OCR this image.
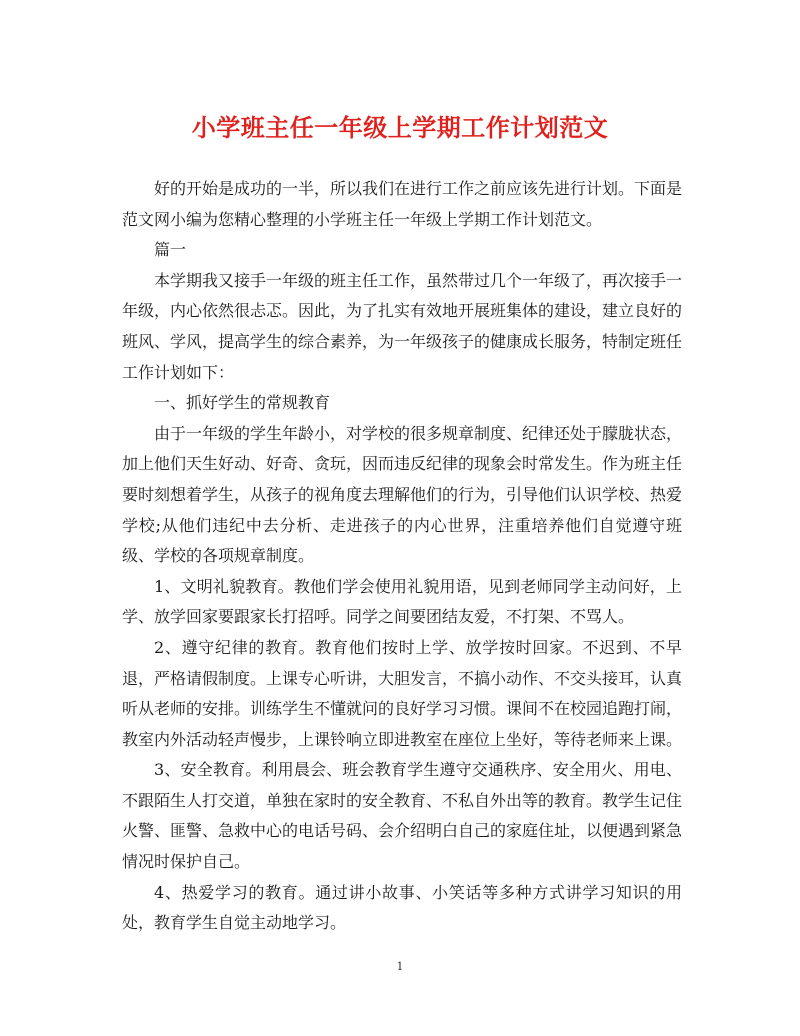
小学班主任一年级上学期工作计划范文

好的开始是成功的一半，所以我们在进行工作之前应该先进行计划。下面是范文网小编为您精心整理的小学班主任一年级上学期工作计划范文。

篇一

本学期我又接手一年级的班主任工作，虽然带过几个一年级了，再次接手一年级，内心依然很忐忑。因此，为了扎实有效地开展班集体的建设，建立良好的班风、学风，提高学生的综合素养，为一年级孩子的健康成长服务，特制定班任工作计划如下：

一、抓好学生的常规教育

由于一年级的学生年龄小，对学校的很多规章制度、纪律还处于朦胧状态，加上他们天生好动、好奇、贪玩，因而违反纪律的现象会时常发生。作为班主任要时刻想着学生，从孩子的视角度去理解他们的行为，引导他们认识学校、热爱学校;从他们违纪中去分析、走进孩子的内心世界，注重培养他们自觉遵守班级、学校的各项规章制度。

1、文明礼貌教育。教他们学会使用礼貌用语，见到老师同学主动问好，上学、放学回家要跟家长打招呼。同学之间要团结友爱，不打架、不骂人。

2、遵守纪律的教育。教育他们按时上学、放学按时回家。不迟到、不早退，严格请假制度。上课专心听讲，大胆发言，不搞小动作、不交头接耳，认真听从老师的安排。训练学生不懂就问的良好学习习惯。课间不在校园追跑打闹，教室内外活动轻声慢步，上课铃响立即进教室在座位上坐好，等待老师来上课。

3、安全教育。利用晨会、班会教育学生遵守交通秩序、安全用火、用电、不跟陌生人打交道，单独在家时的安全教育、不私自外出等的教育。教学生记住火警、匪警、急救中心的电话号码、会介绍明白自己的家庭住址，以便遇到紧急情况时保护自己。

4、热爱学习的教育。通过讲小故事、小笑话等多种方式讲学习知识的用处，教育学生自觉主动地学习。

1
